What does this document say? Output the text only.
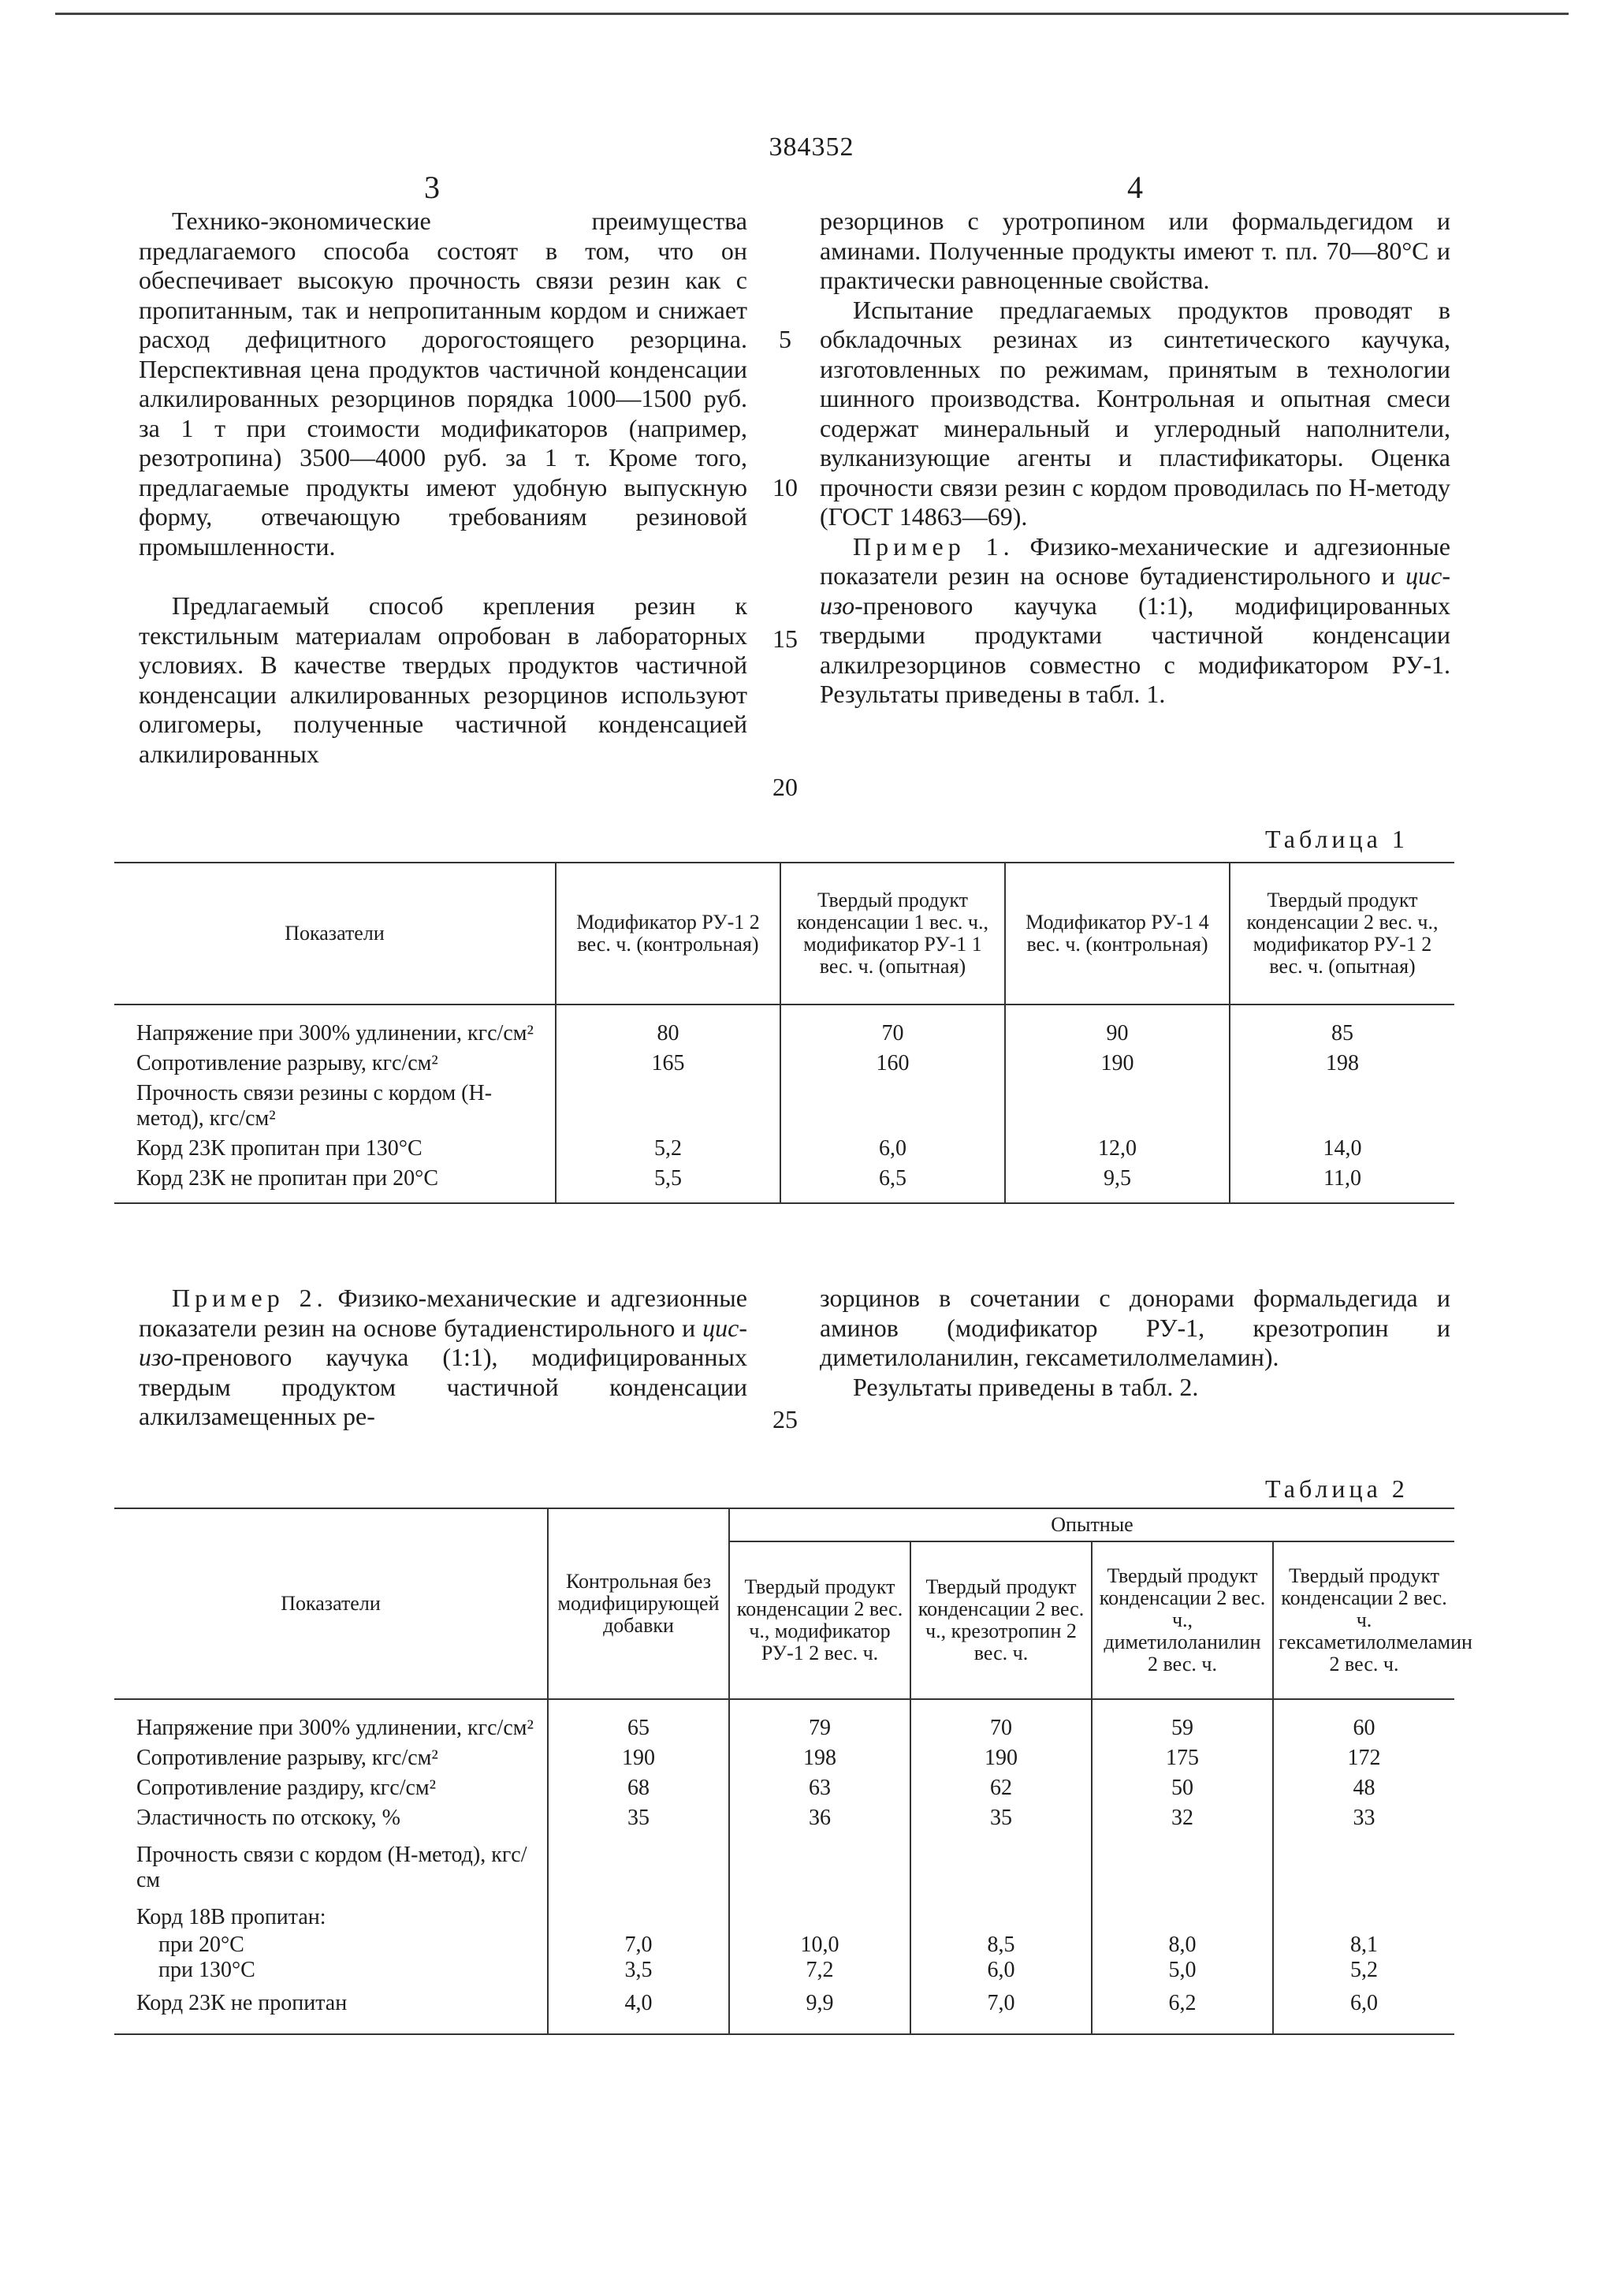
384352
3	4

Технико-экономические преимущества предлагаемого способа состоят в том, что он обеспечивает высокую прочность связи резин как с пропитанным, так и непропитанным кордом и снижает расход дефицитного дорогостоящего резорцина. Перспективная цена продуктов частичной конденсации алкилированных резорцинов порядка 1000—1500 руб. за 1 т при стоимости модификаторов (например, резотропина) 3500—4000 руб. за 1 т. Кроме того, предлагаемые продукты имеют удобную выпускную форму, отвечающую требованиям резиновой промышленности.

Предлагаемый способ крепления резин к текстильным материалам опробован в лабораторных условиях. В качестве твердых продуктов частичной конденсации алкилированных резорцинов используют олигомеры, полученные частичной конденсацией алкилированных

резорцинов с уротропином или формальдегидом и аминами. Полученные продукты имеют т. пл. 70—80°С и практически равноценные свойства.

Испытание предлагаемых продуктов проводят в обкладочных резинах из синтетического каучука, изготовленных по режимам, принятым в технологии шинного производства. Контрольная и опытная смеси содержат минеральный и углеродный наполнители, вулканизующие агенты и пластификаторы. Оценка прочности связи резин с кордом проводилась по Н-методу (ГОСТ 14863—69).

Пример 1. Физико-механические и адгезионные показатели резин на основе бутадиенстирольного и цис-изо-пренового каучука (1:1), модифицированных твердыми продуктами частичной конденсации алкилрезорцинов совместно с модификатором РУ-1. Результаты приведены в табл. 1.

5
10
15
20
25
Таблица 1
Показатели	Модификатор РУ-1 2 вес. ч. (контрольная)	Твердый продукт конденсации 1 вес. ч., модификатор РУ-1 1 вес. ч. (опытная)	Модификатор РУ-1 4 вес. ч. (контрольная)	Твердый продукт конденсации 2 вес. ч., модификатор РУ-1 2 вес. ч. (опытная)
Напряжение при 300% удлинении, кгс/см²	80	70	90	85
Сопротивление разрыву, кгс/см²	165	160	190	198
Прочность связи резины с кордом (Н-метод), кгс/см²				
Корд 23К пропитан при 130°С	5,2	6,0	12,0	14,0
Корд 23К не пропитан при 20°С	5,5	6,5	9,5	11,0

Пример 2. Физико-механические и адгезионные показатели резин на основе бутадиенстирольного и цис-изо-пренового каучука (1:1), модифицированных твердым продуктом частичной конденсации алкилзамещенных ре-

зорцинов в сочетании с донорами формальдегида и аминов (модификатор РУ-1, крезотропин и диметилоланилин, гексаметилолмеламин).

Результаты приведены в табл. 2.

Таблица 2
Показатели	Контрольная без модифицирующей добавки	Опытные			
		Твердый продукт конденсации 2 вес. ч., модификатор РУ-1 2 вес. ч.	Твердый продукт конденсации 2 вес. ч., крезотропин 2 вес. ч.	Твердый продукт конденсации 2 вес. ч., диметилоланилин 2 вес. ч.	Твердый продукт конденсации 2 вес. ч. гексаметилолмеламин 2 вес. ч.
Напряжение при 300% удлинении, кгс/см²	65	79	70	59	60
Сопротивление разрыву, кгс/см²	190	198	190	175	172
Сопротивление раздиру, кгс/см²	68	63	62	50	48
Эластичность по отскоку, %	35	36	35	32	33
Прочность связи с кордом (Н-метод), кгс/см					
Корд 18В пропитан:					
при 20°С	7,0	10,0	8,5	8,0	8,1
при 130°С	3,5	7,2	6,0	5,0	5,2
Корд 23К не пропитан	4,0	9,9	7,0	6,2	6,0
